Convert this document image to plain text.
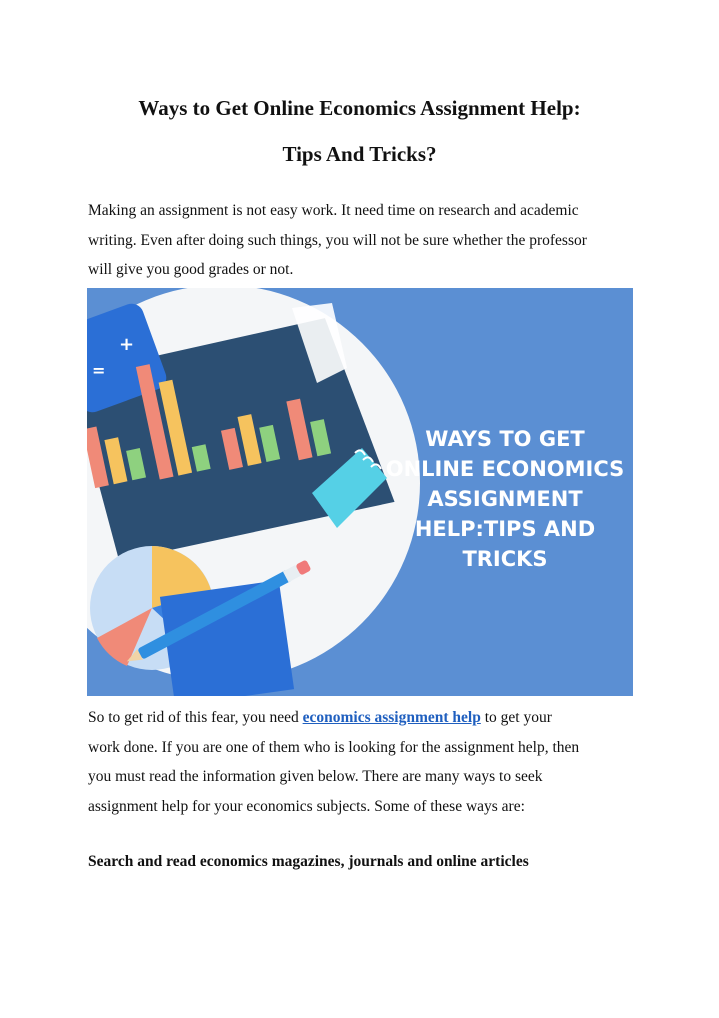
Ways to Get Online Economics Assignment Help:
Tips And Tricks?

Making an assignment is not easy work. It need time on research and academic
writing. Even after doing such things, you will not be sure whether the professor
will give you good grades or not.

+
=

WAYS TO GET
ONLINE ECONOMICS
ASSIGNMENT
HELP:TIPS AND
TRICKS

So to get rid of this fear, you need economics assignment help to get your
work done. If you are one of them who is looking for the assignment help, then
you must read the information given below. There are many ways to seek
assignment help for your economics subjects. Some of these ways are:

Search and read economics magazines, journals and online articles
